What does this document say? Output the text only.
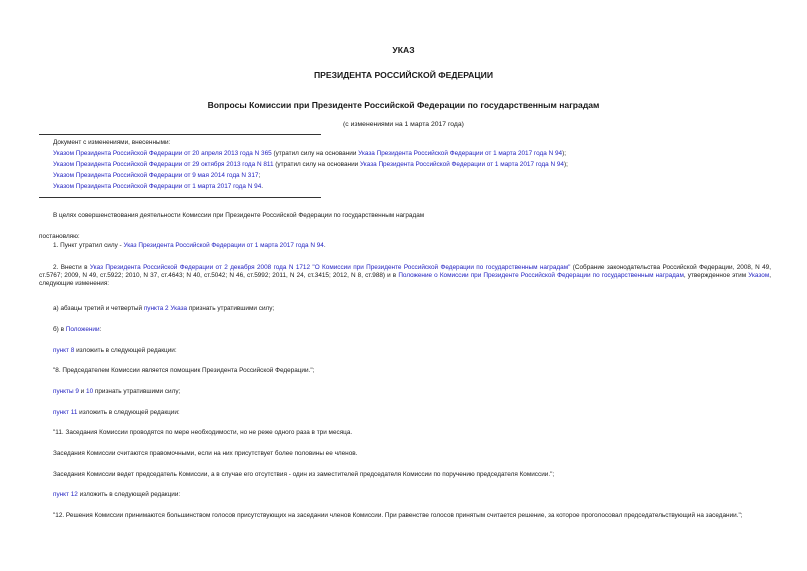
УКАЗ
ПРЕЗИДЕНТА РОССИЙСКОЙ ФЕДЕРАЦИИ
Вопросы Комиссии при Президенте Российской Федерации по государственным наградам
(с изменениями на 1 марта 2017 года)
Документ с изменениями, внесенными:
Указом Президента Российской Федерации от 20 апреля 2013 года N 365 (утратил силу на основании Указа Президента Российской Федерации от 1 марта 2017 года N 94);
Указом Президента Российской Федерации от 29 октября 2013 года N 811 (утратил силу на основании Указа Президента Российской Федерации от 1 марта 2017 года N 94);
Указом Президента Российской Федерации от 9 мая 2014 года N 317;
Указом Президента Российской Федерации от 1 марта 2017 года N 94.
В целях совершенствования деятельности Комиссии при Президенте Российской Федерации по государственным наградам
постановляю:
1. Пункт утратил силу - Указ Президента Российской Федерации от 1 марта 2017 года N 94.
2. Внести в Указ Президента Российской Федерации от 2 декабря 2008 года N 1712 "О Комиссии при Президенте Российской Федерации по государственным наградам" (Собрание законодательства Российской Федерации, 2008, N 49, ст.5767; 2009, N 49, ст.5922; 2010, N 37, ст.4643; N 40, ст.5042; N 46, ст.5992; 2011, N 24, ст.3415; 2012, N 8, ст.988) и в Положение о Комиссии при Президенте Российской Федерации по государственным наградам, утвержденное этим Указом, следующие изменения:
а) абзацы третий и четвертый пункта 2 Указа признать утратившими силу;
б) в Положении:
пункт 8 изложить в следующей редакции:
"8. Председателем Комиссии является помощник Президента Российской Федерации.";
пункты 9 и 10 признать утратившими силу;
пункт 11 изложить в следующей редакции:
"11. Заседания Комиссии проводятся по мере необходимости, но не реже одного раза в три месяца.
Заседания Комиссии считаются правомочными, если на них присутствует более половины ее членов.
Заседания Комиссии ведет председатель Комиссии, а в случае его отсутствия - один из заместителей председателя Комиссии по поручению председателя Комиссии.";
пункт 12 изложить в следующей редакции:
"12. Решения Комиссии принимаются большинством голосов присутствующих на заседании членов Комиссии. При равенстве голосов принятым считается решение, за которое проголосовал председательствующий на заседании.";
